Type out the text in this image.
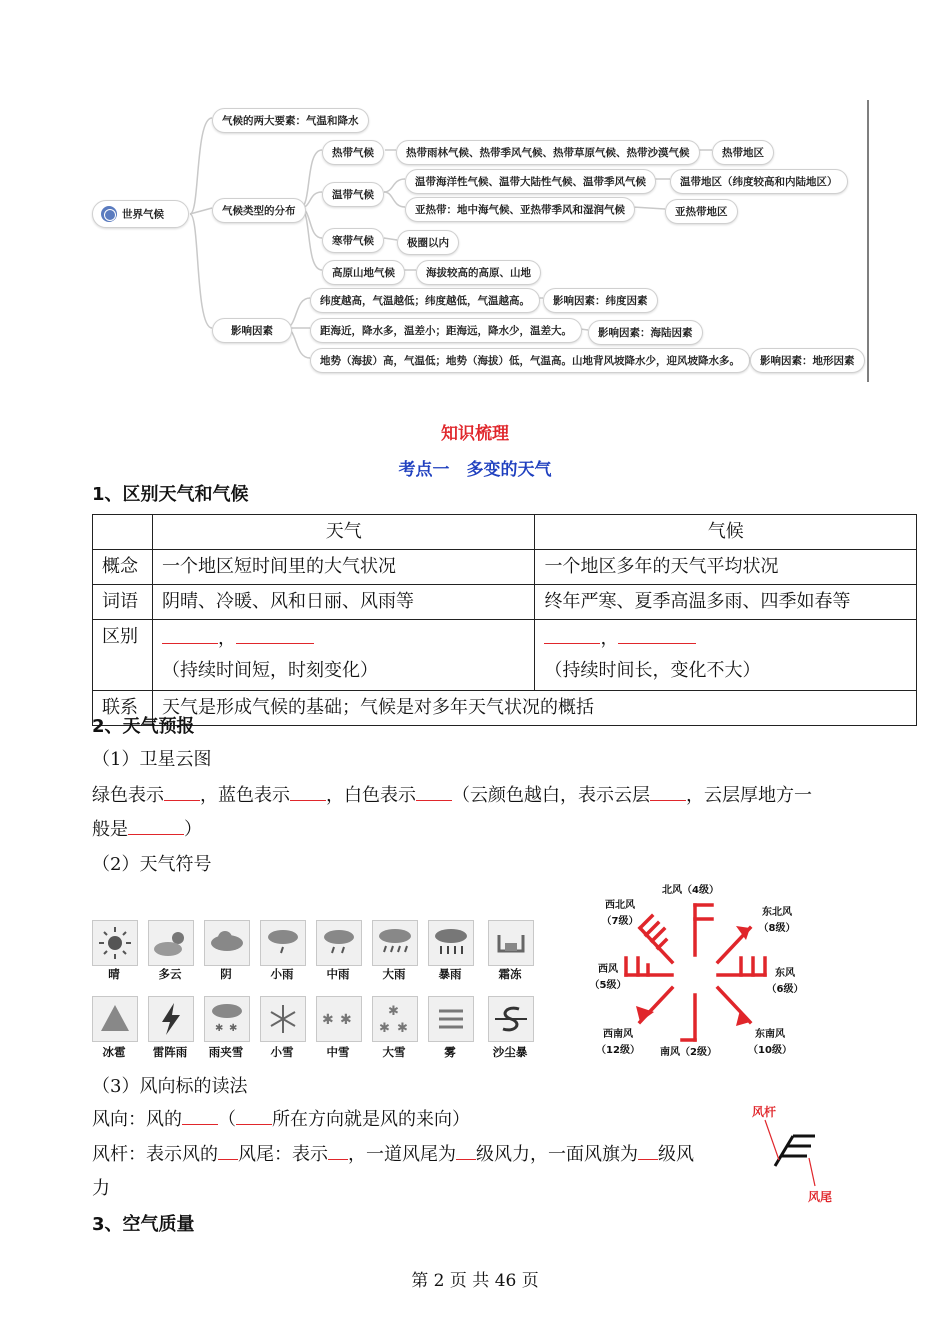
世界气候
气候的两大要素：气温和降水
气候类型的分布
影响因素
热带气候	热带雨林气候、热带季风气候、热带草原气候、热带沙漠气候	热带地区
温带气候
温带海洋性气候、温带大陆性气候、温带季风气候	温带地区（纬度较高和内陆地区）
亚热带：地中海气候、亚热带季风和湿润气候	亚热带地区
寒带气候	极圈以内
高原山地气候	海拔较高的高原、山地
纬度越高，气温越低；纬度越低，气温越高。	影响因素：纬度因素
距海近，降水多，温差小；距海远，降水少，温差大。	影响因素：海陆因素
地势（海拔）高，气温低；地势（海拔）低，气温高。山地背风坡降水少，迎风坡降水多。	影响因素：地形因素
知识梳理
考点一　多变的天气
1、区别天气和气候
	天气	气候
概念	一个地区短时间里的大气状况	一个地区多年的天气平均状况
词语	阴晴、冷暖、风和日丽、风雨等	终年严寒、夏季高温多雨、四季如春等
区别	，（持续时间短，时刻变化）	，（持续时间长，变化不大）
联系	天气是形成气候的基础；气候是对多年天气状况的概括	
2、天气预报
（1）卫星云图
绿色表示 ，蓝色表示 ，白色表示 （云颜色越白，表示云层 ，云层厚地方一
般是	）
（2）天气符号
晴	多云	阴	小雨	中雨	大雨	暴雨	霜冻
✱ ✱
✱ ✱
✱
✱ ✱
冰雹	雷阵雨	雨夹雪	小雪	中雪	大雪	雾	沙尘暴
北风（4级）
西北风
（7级）
东北风
（8级）
西风
（5级）
东风
（6级）
西南风
（12级） 南风（2级）
东南风
（10级）
（3）风向标的读法
风向：风的 （ 所在方向就是风的来向）
风杆：表示风的 风尾：表示 ，一道风尾为 级风力，一面风旗为 级风
力
风杆
风尾
3、空气质量
第 2 页 共 46 页
